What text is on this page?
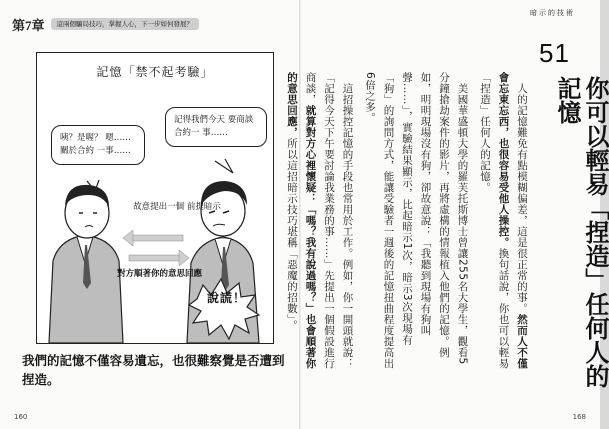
第7章	這兩個騙局技巧，掌握人心，下一步如何發展？
記憶「禁不起考驗」
咦？是喔？ 嗯……關於合約 一事……
記得我們今天 要商談合約一 事……
故意提出一個 前提暗示
對方順著你的意思回應
說謊！
我們的記憶不僅容易遺忘，也很難察覺是否遭到捏造。
160
暗示的技術
51
你可以輕易「捏造」任何人的記憶

人的記憶難免有點模糊偏差，這是很正常的事。然而人不僅會忘東忘西，也很容易受他人操控。換句話說，你也可以輕易「捏造」任何人的記憶。

美國華盛頓大學的羅芙托斯博士曾讓255名大學生，觀看5分鐘搶劫案件的影片，再將虛構的情報植入他們的記憶。例如，明明現場沒有狗，卻故意說：「我聽到現場有狗叫聲……」，實驗結果顯示，比起暗示1次，暗示3次現場有「狗」的詢問方式，能讓受驗者一週後的記憶扭曲程度提高出6倍之多。

這招操控記憶的手段也常用於工作。例如，你一開頭就說：「記得今天下午要討論我業務的事……」先提出一個假設進行商談，就算對方心裡懷疑：「嗎？我有說過嗎？」也會順著你的意思回應，所以這招暗示技巧堪稱「惡魔的招數」。

168
